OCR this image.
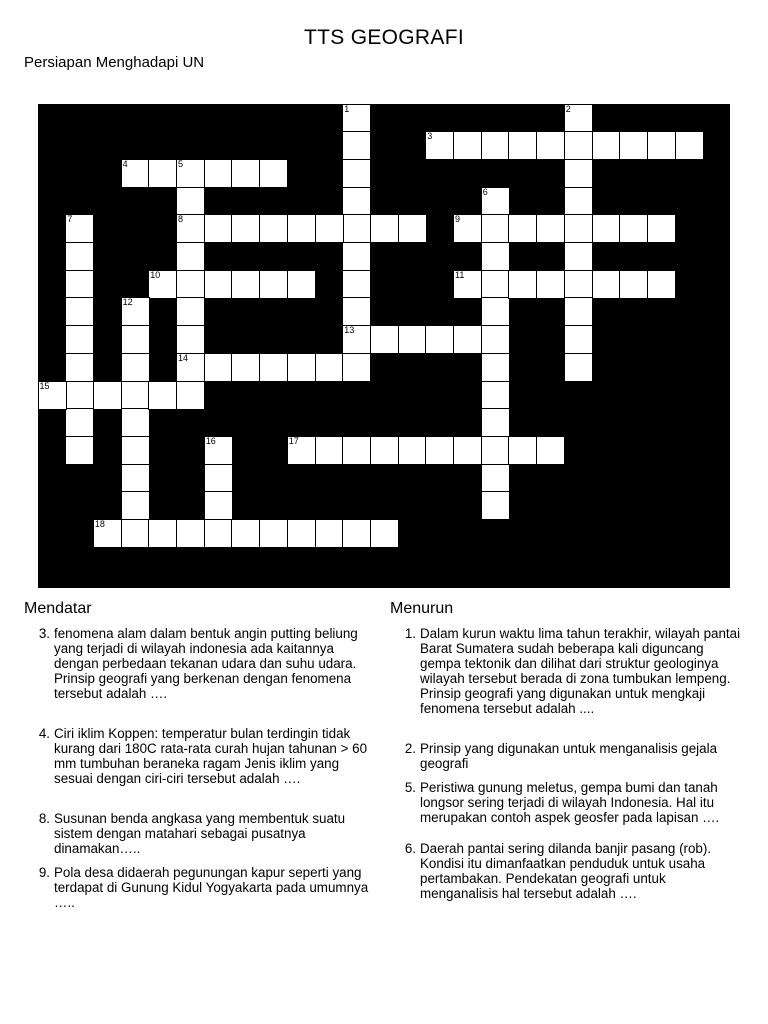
TTS GEOGRAFI
Persiapan Menghadapi UN
1
13
2
3
4	5
8
14
6
7	9
10	11
12
15
16	17
18
Mendatar
3. fenomena alam dalam bentuk angin putting beliung yang terjadi di wilayah indonesia ada kaitannya dengan perbedaan tekanan udara dan suhu udara. Prinsip geografi yang berkenan dengan fenomena tersebut adalah ….
4. Ciri iklim Koppen: temperatur bulan terdingin tidak kurang dari 180C rata-rata curah hujan tahunan > 60 mm tumbuhan beraneka ragam Jenis iklim yang sesuai dengan ciri-ciri tersebut adalah ….
8. Susunan benda angkasa yang membentuk suatu sistem dengan matahari sebagai pusatnya dinamakan…..
9. Pola desa didaerah pegunungan kapur seperti yang terdapat di Gunung Kidul Yogyakarta pada umumnya …..
Menurun
1. Dalam kurun waktu lima tahun terakhir, wilayah pantai Barat Sumatera sudah beberapa kali diguncang gempa tektonik dan dilihat dari struktur geologinya wilayah tersebut berada di zona tumbukan lempeng.
Prinsip geografi yang digunakan untuk mengkaji fenomena tersebut adalah ....
2. Prinsip yang digunakan untuk menganalisis gejala geografi
5. Peristiwa gunung meletus, gempa bumi dan tanah longsor sering terjadi di wilayah Indonesia. Hal itu merupakan contoh aspek geosfer pada lapisan ….
6. Daerah pantai sering dilanda banjir pasang (rob). Kondisi itu dimanfaatkan penduduk untuk usaha pertambakan. Pendekatan geografi untuk menganalisis hal tersebut adalah ….
